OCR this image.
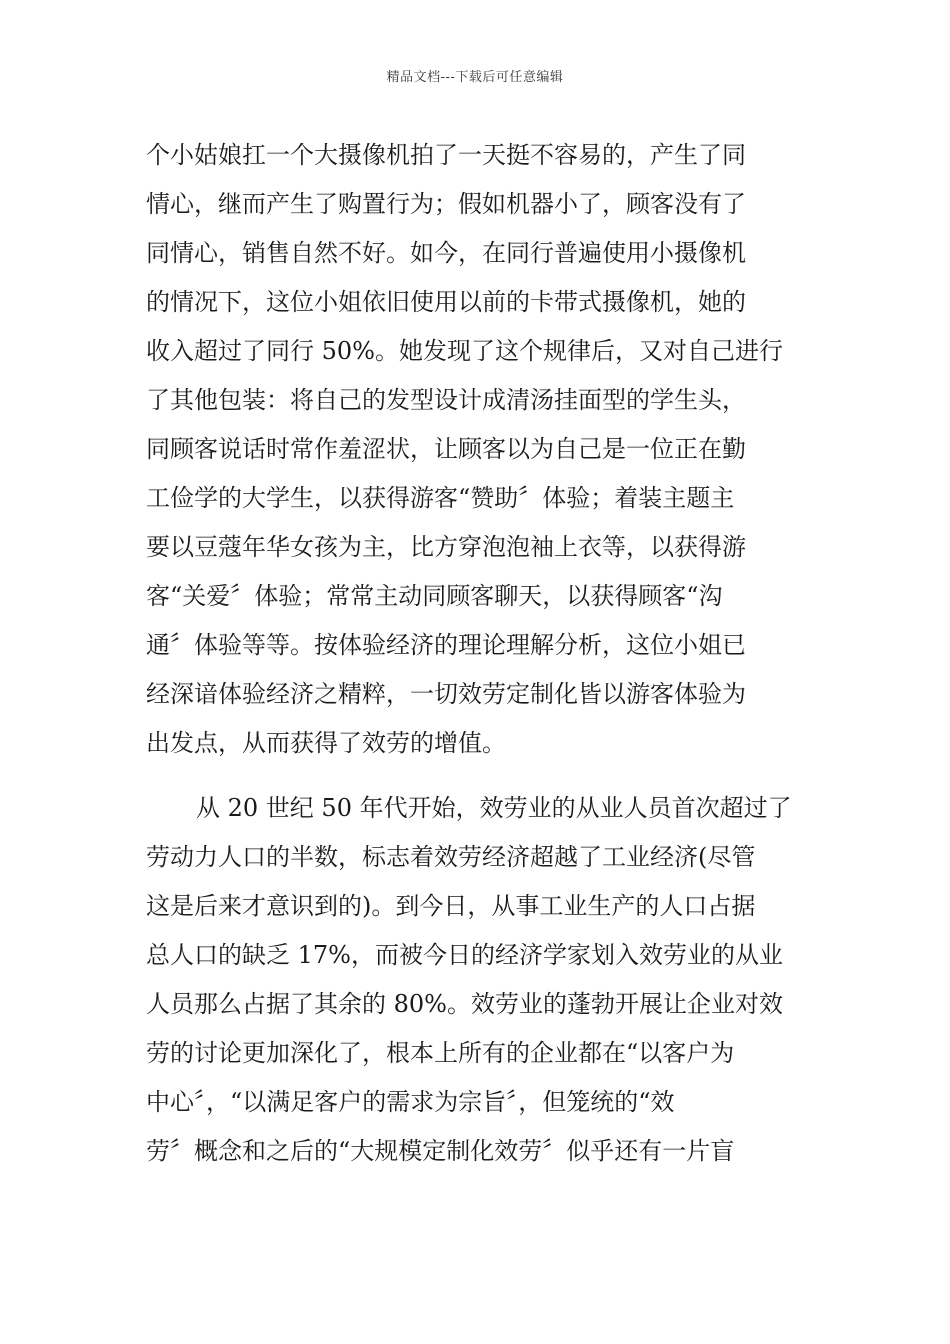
精品文档---下载后可任意编辑
个小姑娘扛一个大摄像机拍了一天挺不容易的，产生了同
情心，继而产生了购置行为；假如机器小了，顾客没有了
同情心，销售自然不好。如今，在同行普遍使用小摄像机
的情况下，这位小姐依旧使用以前的卡带式摄像机，她的
收入超过了同行 50%。她发现了这个规律后，又对自己进行
了其他包装：将自己的发型设计成清汤挂面型的学生头，
同顾客说话时常作羞涩状，让顾客以为自己是一位正在勤
工俭学的大学生，以获得游客“赞助〞体验；着装主题主
要以豆蔻年华女孩为主，比方穿泡泡袖上衣等，以获得游
客“关爱〞体验；常常主动同顾客聊天，以获得顾客“沟
通〞体验等等。按体验经济的理论理解分析，这位小姐已
经深谙体验经济之精粹，一切效劳定制化皆以游客体验为
出发点，从而获得了效劳的增值。
从 20 世纪 50 年代开始，效劳业的从业人员首次超过了
劳动力人口的半数，标志着效劳经济超越了工业经济(尽管
这是后来才意识到的)。到今日，从事工业生产的人口占据
总人口的缺乏 17%，而被今日的经济学家划入效劳业的从业
人员那么占据了其余的 80%。效劳业的蓬勃开展让企业对效
劳的讨论更加深化了，根本上所有的企业都在“以客户为
中心〞，“以满足客户的需求为宗旨〞，但笼统的“效
劳〞概念和之后的“大规模定制化效劳〞似乎还有一片盲
